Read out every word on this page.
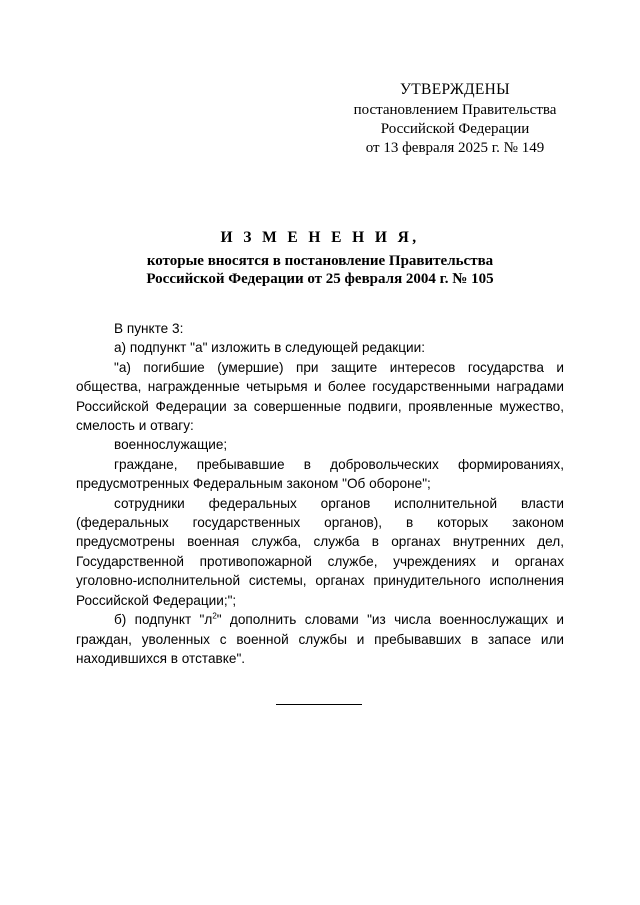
УТВЕРЖДЕНЫ
постановлением Правительства
Российской Федерации
от 13 февраля 2025 г. № 149
И З М Е Н Е Н И Я,
которые вносятся в постановление Правительства
Российской Федерации от 25 февраля 2004 г. № 105

В пункте 3:

а) подпункт "а" изложить в следующей редакции:

"а) погибшие (умершие) при защите интересов государства и общества, награжденные четырьмя и более государственными наградами Российской Федерации за совершенные подвиги, проявленные мужество, смелость и отвагу:

военнослужащие;

граждане, пребывавшие в добровольческих формированиях, предусмотренных Федеральным законом "Об обороне";

сотрудники федеральных органов исполнительной власти (федеральных государственных органов), в которых законом предусмотрены военная служба, служба в органах внутренних дел, Государственной противопожарной службе, учреждениях и органах уголовно-исполнительной системы, органах принудительного исполнения Российской Федерации;";

б) подпункт "$л^2$" дополнить словами "из числа военнослужащих и граждан, уволенных с военной службы и пребывавших в запасе или находившихся в отставке".
